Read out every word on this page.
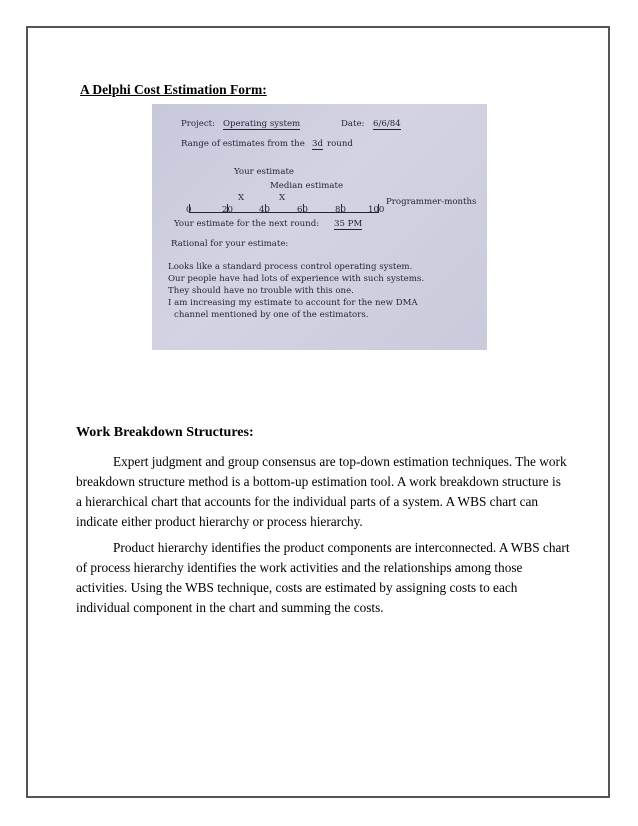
A Delphi Cost Estimation Form:
Project: Operating system	Date: 6/6/84
Range of estimates from the 3d round
Your estimate
Median estimate
X	X
0	20	40	60	80	100
Programmer-months
Your estimate for the next round: 35 PM
Rational for your estimate:
Looks like a standard process control operating system.
Our people have had lots of experience with such systems.
They should have no trouble with this one.
I am increasing my estimate to account for the new DMA
channel mentioned by one of the estimators.
Work Breakdown Structures:

Expert judgment and group consensus are top-down estimation techniques. The work breakdown structure method is a bottom-up estimation tool. A work breakdown structure is a hierarchical chart that accounts for the individual parts of a system. A WBS chart can indicate either product hierarchy or process hierarchy.

Product hierarchy identifies the product components are interconnected. A WBS chart of process hierarchy identifies the work activities and the relationships among those activities. Using the WBS technique, costs are estimated by assigning costs to each individual component in the chart and summing the costs.
